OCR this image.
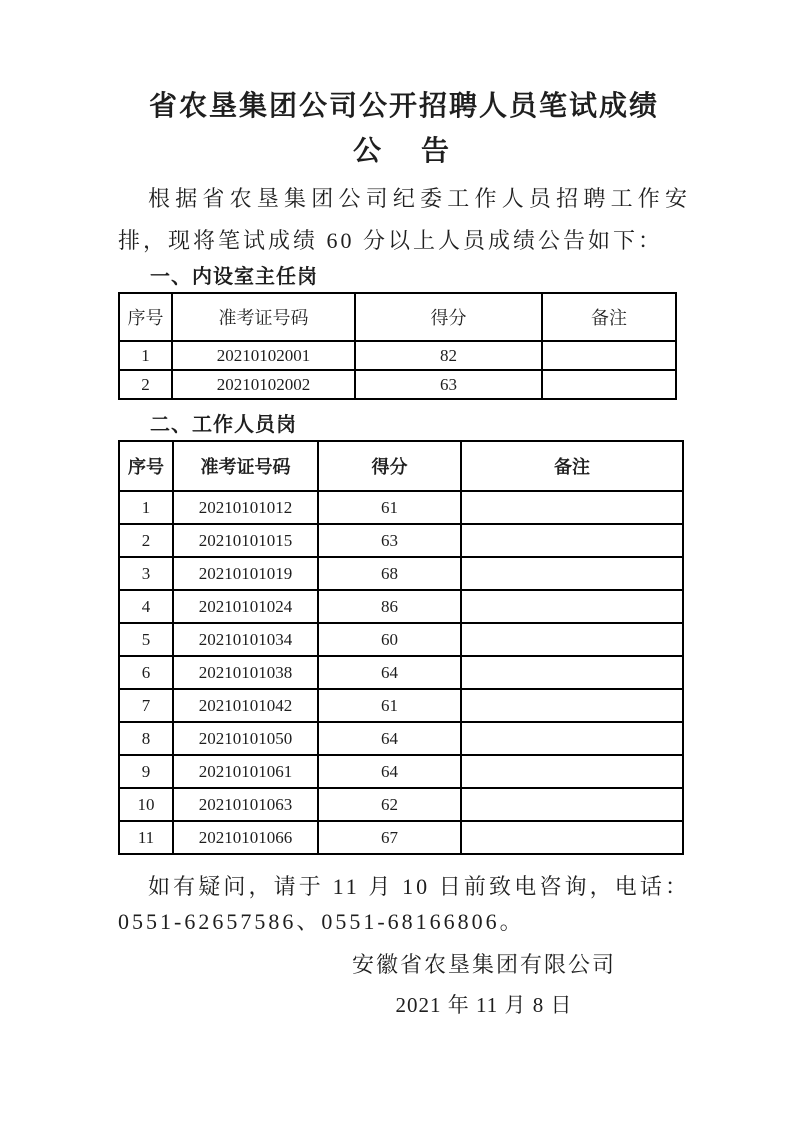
省农垦集团公司公开招聘人员笔试成绩
公　告

根据省农垦集团公司纪委工作人员招聘工作安排，现将笔试成绩 60 分以上人员成绩公告如下：

一、内设室主任岗
序号	准考证号码	得分	备注
1	20210102001	82	
2	20210102002	63	
二、工作人员岗
序号	准考证号码	得分	备注
1	20210101012	61	
2	20210101015	63	
3	20210101019	68	
4	20210101024	86	
5	20210101034	60	
6	20210101038	64	
7	20210101042	61	
8	20210101050	64	
9	20210101061	64	
10	20210101063	62	
11	20210101066	67	
如有疑问，请于 11 月 10 日前致电咨询，电话：
0551-62657586、0551-68166806。
安徽省农垦集团有限公司
2021 年 11 月 8 日
